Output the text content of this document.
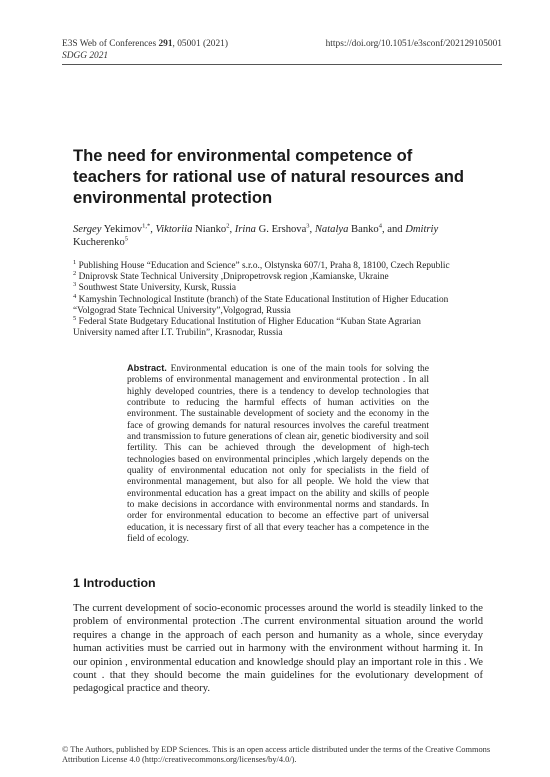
E3S Web of Conferences 291, 05001 (2021)	https://doi.org/10.1051/e3sconf/202129105001
SDGG 2021
The need for environmental competence of teachers for rational use of natural resources and environmental protection
Sergey Yekimov$^{1,*}$, Viktoriia Nianko$^2$, Irina G. Ershova$^3$, Natalya Banko$^4$, and Dmitriy Kucherenko$^5$
$^1$ Publishing House “Education and Science” s.r.o., Olstynska 607/1, Praha 8, 18100, Czech Republic
$^2$ Dniprovsk State Technical University ,Dnipropetrovsk region ,Kamianske, Ukraine
$^3$ Southwest State University, Kursk, Russia
$^4$ Kamyshin Technological Institute (branch) of the State Educational Institution of Higher Education
“Volgograd State Technical University”,Volgograd, Russia
$^5$ Federal State Budgetary Educational Institution of Higher Education “Kuban State Agrarian
University named after I.T. Trubilin”, Krasnodar, Russia

Abstract. Environmental education is one of the main tools for solving the problems of environmental management and environmental protection . In all highly developed countries, there is a tendency to develop technologies that contribute to reducing the harmful effects of human activities on the environment. The sustainable development of society and the economy in the face of growing demands for natural resources involves the careful treatment and transmission to future generations of clean air, genetic biodiversity and soil fertility. This can be achieved through the development of high-tech technologies based on environmental principles ,which largely depends on the quality of environmental education not only for specialists in the field of environmental management, but also for all people. We hold the view that environmental education has a great impact on the ability and skills of people to make decisions in accordance with environmental norms and standards. In order for environmental education to become an effective part of universal education, it is necessary first of all that every teacher has a competence in the field of ecology.

1 Introduction

The current development of socio-economic processes around the world is steadily linked to the problem of environmental protection .The current environmental situation around the world requires a change in the approach of each person and humanity as a whole, since everyday human activities must be carried out in harmony with the environment without harming it. In our opinion , environmental education and knowledge should play an important role in this . We count . that they should become the main guidelines for the evolutionary development of pedagogical practice and theory.

© The Authors, published by EDP Sciences. This is an open access article distributed under the terms of the Creative Commons Attribution License 4.0 (http://creativecommons.org/licenses/by/4.0/).
